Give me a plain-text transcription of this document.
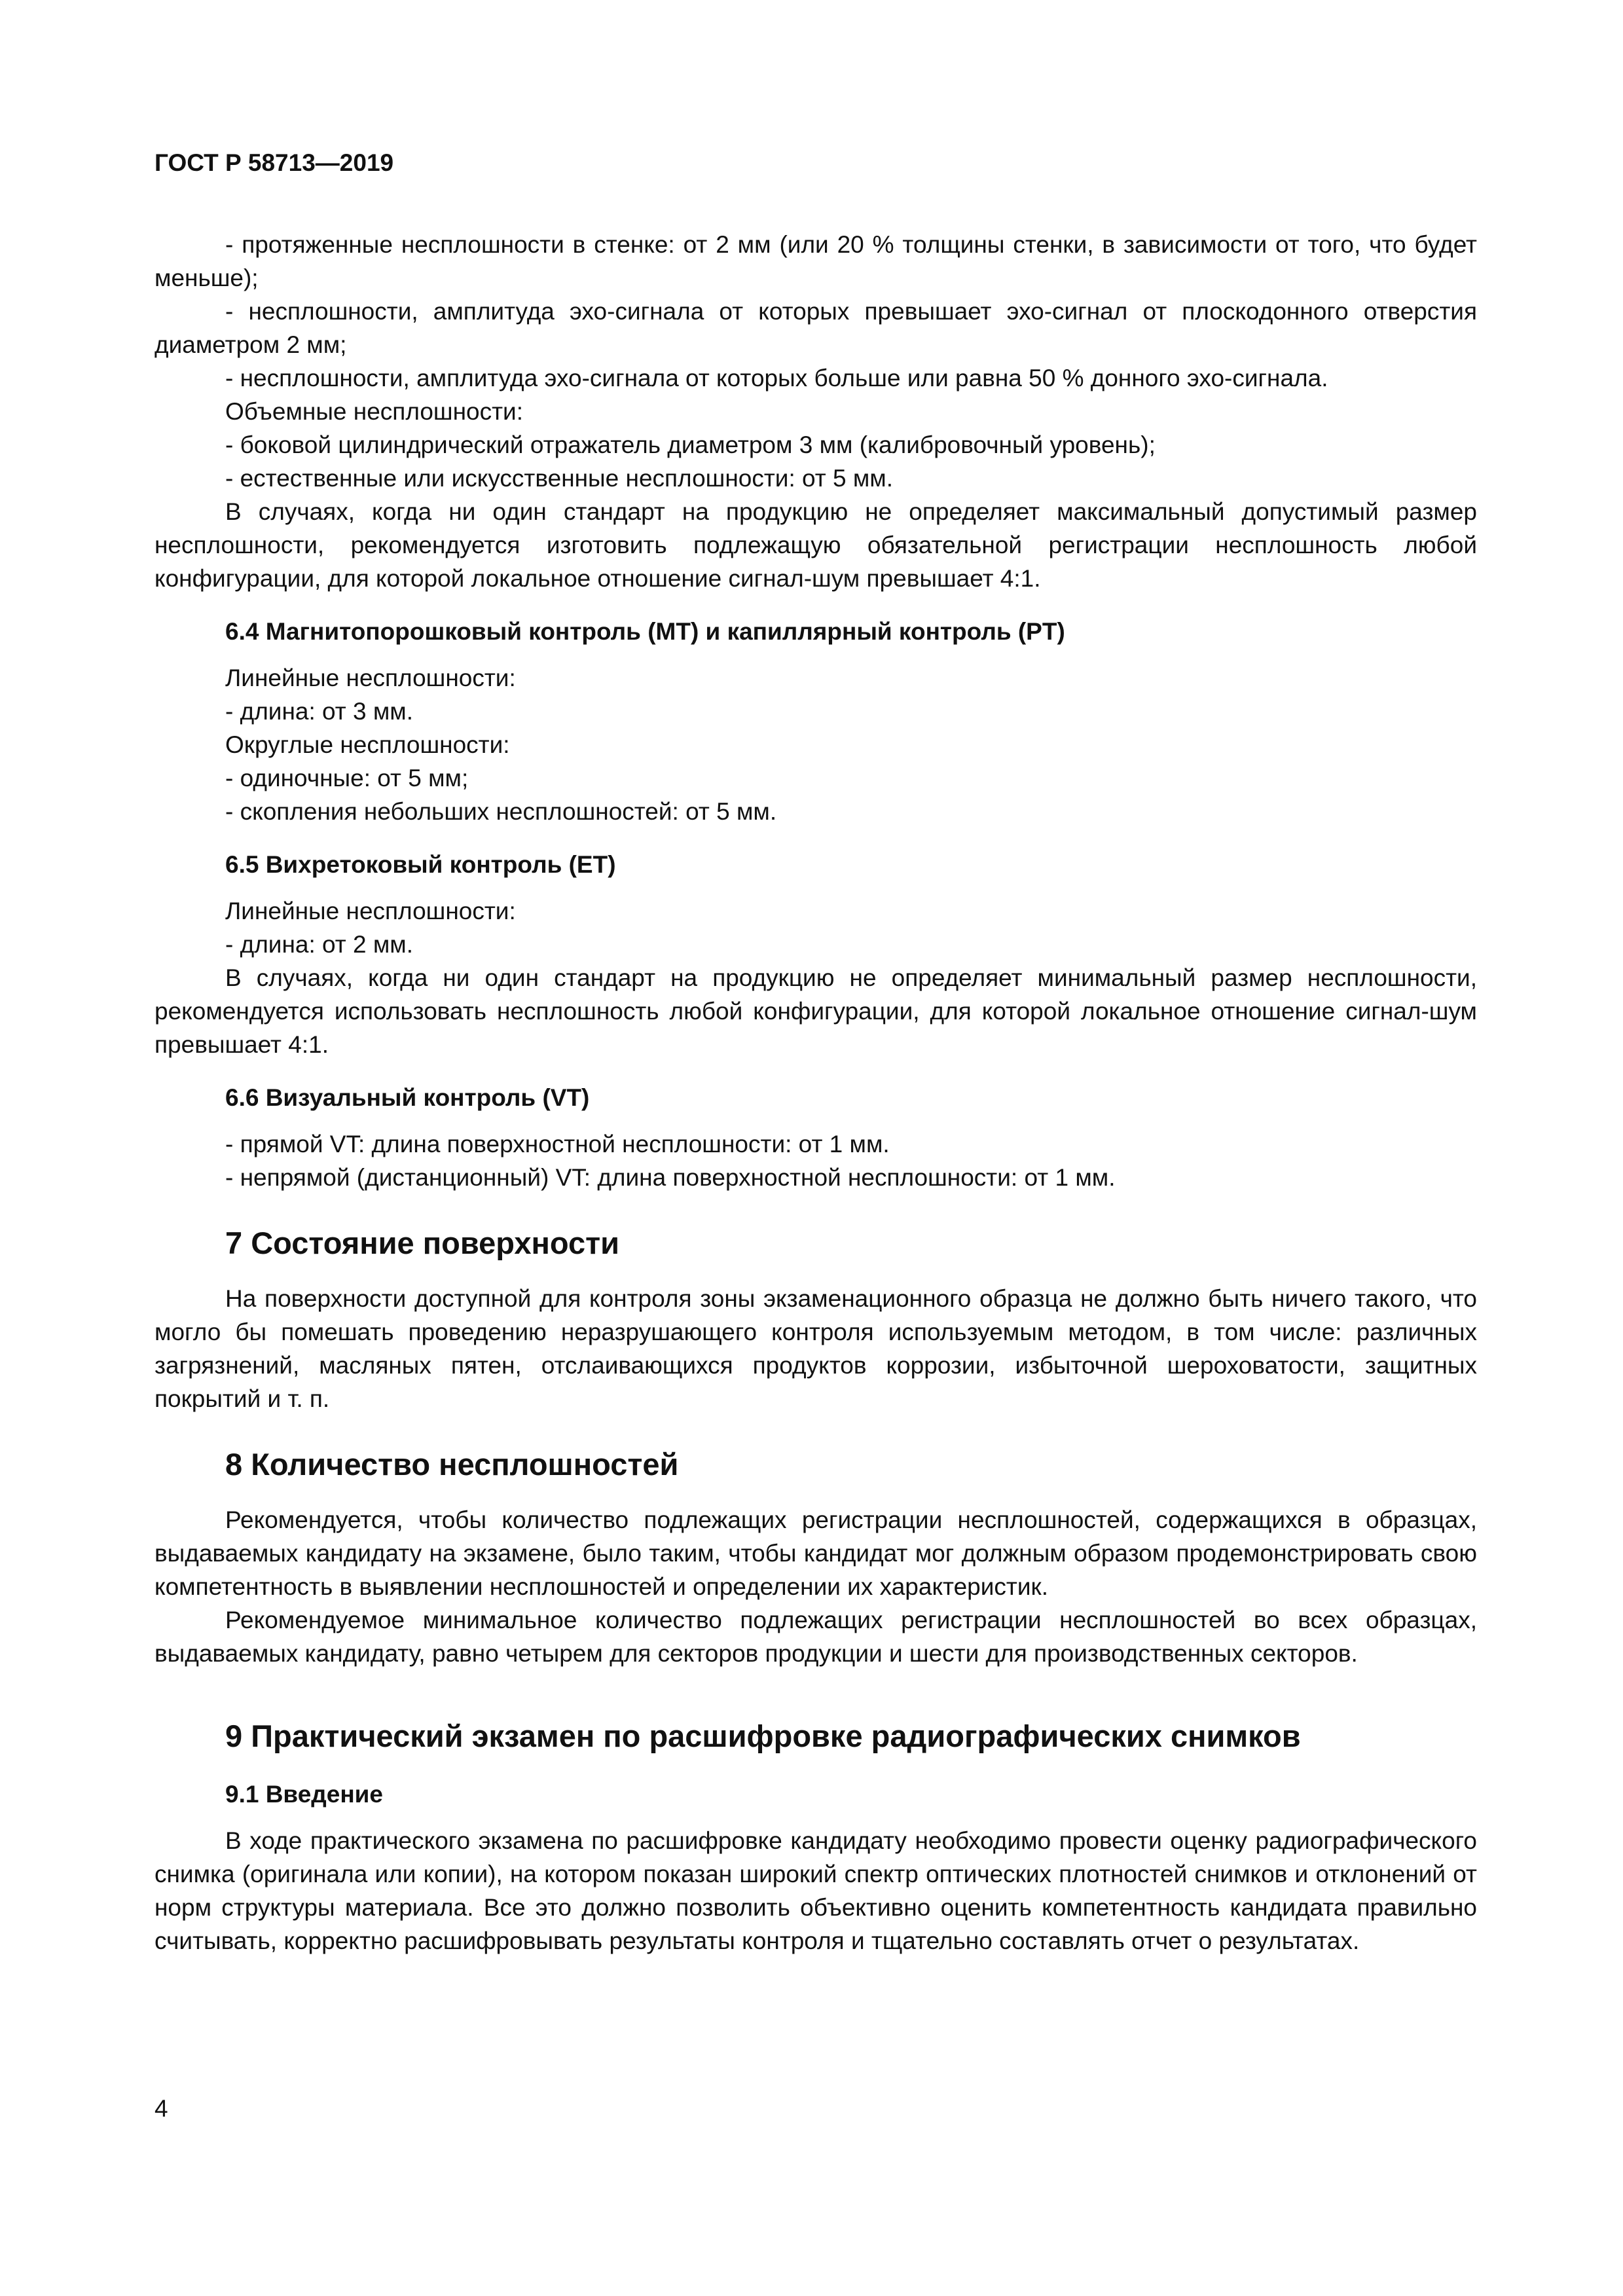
ГОСТ Р 58713—2019

- протяженные несплошности в стенке: от 2 мм (или 20 % толщины стенки, в зависимости от того, что будет меньше);

- несплошности, амплитуда эхо-сигнала от которых превышает эхо-сигнал от плоскодонного отверстия диаметром 2 мм;

- несплошности, амплитуда эхо-сигнала от которых больше или равна 50 % донного эхо-сигнала.

Объемные несплошности:

- боковой цилиндрический отражатель диаметром 3 мм (калибровочный уровень);

- естественные или искусственные несплошности: от 5 мм.

В случаях, когда ни один стандарт на продукцию не определяет максимальный допустимый размер несплошности, рекомендуется изготовить подлежащую обязательной регистрации несплошность любой конфигурации, для которой локальное отношение сигнал-шум превышает 4:1.

6.4 Магнитопорошковый контроль (MT) и капиллярный контроль (PT)

Линейные несплошности:

- длина: от 3 мм.

Округлые несплошности:

- одиночные: от 5 мм;

- скопления небольших несплошностей: от 5 мм.

6.5 Вихретоковый контроль (ET)

Линейные несплошности:

- длина: от 2 мм.

В случаях, когда ни один стандарт на продукцию не определяет минимальный размер несплошности, рекомендуется использовать несплошность любой конфигурации, для которой локальное отношение сигнал-шум превышает 4:1.

6.6 Визуальный контроль (VT)

- прямой VT: длина поверхностной несплошности: от 1 мм.

- непрямой (дистанционный) VT: длина поверхностной несплошности: от 1 мм.

7 Состояние поверхности

На поверхности доступной для контроля зоны экзаменационного образца не должно быть ничего такого, что могло бы помешать проведению неразрушающего контроля используемым методом, в том числе: различных загрязнений, масляных пятен, отслаивающихся продуктов коррозии, избыточной шероховатости, защитных покрытий и т. п.

8 Количество несплошностей

Рекомендуется, чтобы количество подлежащих регистрации несплошностей, содержащихся в образцах, выдаваемых кандидату на экзамене, было таким, чтобы кандидат мог должным образом продемонстрировать свою компетентность в выявлении несплошностей и определении их характеристик.

Рекомендуемое минимальное количество подлежащих регистрации несплошностей во всех образцах, выдаваемых кандидату, равно четырем для секторов продукции и шести для производственных секторов.

9 Практический экзамен по расшифровке радиографических снимков
9.1 Введение

В ходе практического экзамена по расшифровке кандидату необходимо провести оценку радиографического снимка (оригинала или копии), на котором показан широкий спектр оптических плотностей снимков и отклонений от норм структуры материала. Все это должно позволить объективно оценить компетентность кандидата правильно считывать, корректно расшифровывать результаты контроля и тщательно составлять отчет о результатах.

4
